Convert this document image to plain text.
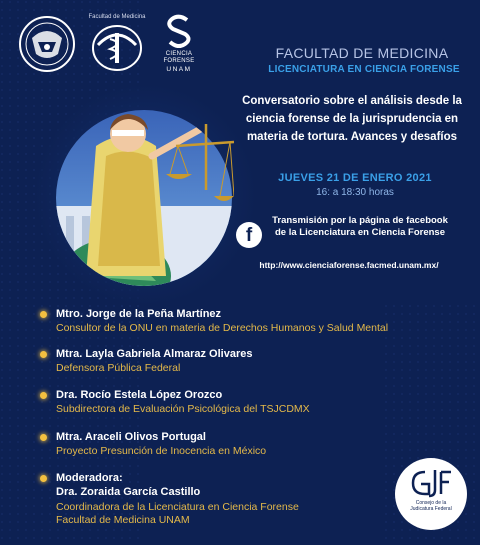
Facultad de Medicina
CIENCIA
FORENSE
UNAM
FACULTAD DE MEDICINA
LICENCIATURA EN CIENCIA FORENSE
Conversatorio sobre el análisis desde la ciencia forense de la jurisprudencia en materia de tortura. Avances y desafíos
JUEVES 21 DE ENERO 2021
16: a 18:30 horas
f
Transmisión por la página de facebook de la Licenciatura en Ciencia Forense
http://www.cienciaforense.facmed.unam.mx/
Mtro. Jorge de la Peña Martínez
Consultor de la ONU en materia de Derechos Humanos y Salud Mental
Mtra. Layla Gabriela Almaraz Olivares
Defensora Pública Federal
Dra. Rocío Estela López Orozco
Subdirectora de Evaluación Psicológica del TSJCDMX
Mtra. Araceli Olivos Portugal
Proyecto Presunción de Inocencia en México
Moderadora:
Dra. Zoraida García Castillo
Coordinadora de la Licenciatura en Ciencia Forense
Facultad de Medicina UNAM
Consejo de la
Judicatura Federal
